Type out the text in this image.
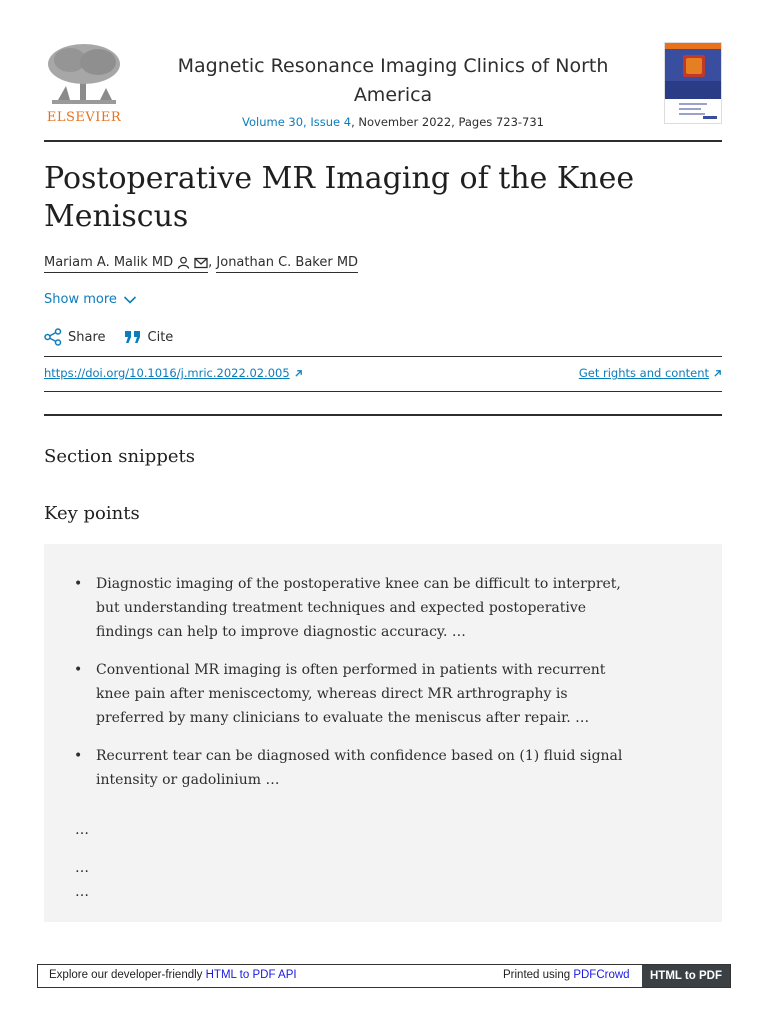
ELSEVIER
Magnetic Resonance Imaging Clinics of North America
Volume 30, Issue 4, November 2022, Pages 723-731
Postoperative MR Imaging of the Knee Meniscus
Mariam A. Malik MD	, Jonathan C. Baker MD
Show more
Share	Cite
https://doi.org/10.1016/j.mric.2022.02.005	Get rights and content
Section snippets
Key points
• Diagnostic imaging of the postoperative knee can be difficult to interpret, but understanding treatment techniques and expected postoperative findings can help to improve diagnostic accuracy. …
• Conventional MR imaging is often performed in patients with recurrent knee pain after meniscectomy, whereas direct MR arthrography is preferred by many clinicians to evaluate the meniscus after repair. …
• Recurrent tear can be diagnosed with confidence based on (1) fluid signal intensity or gadolinium …
…
…
…
Explore our developer-friendly HTML to PDF API	Printed using PDFCrowd	HTML to PDF
